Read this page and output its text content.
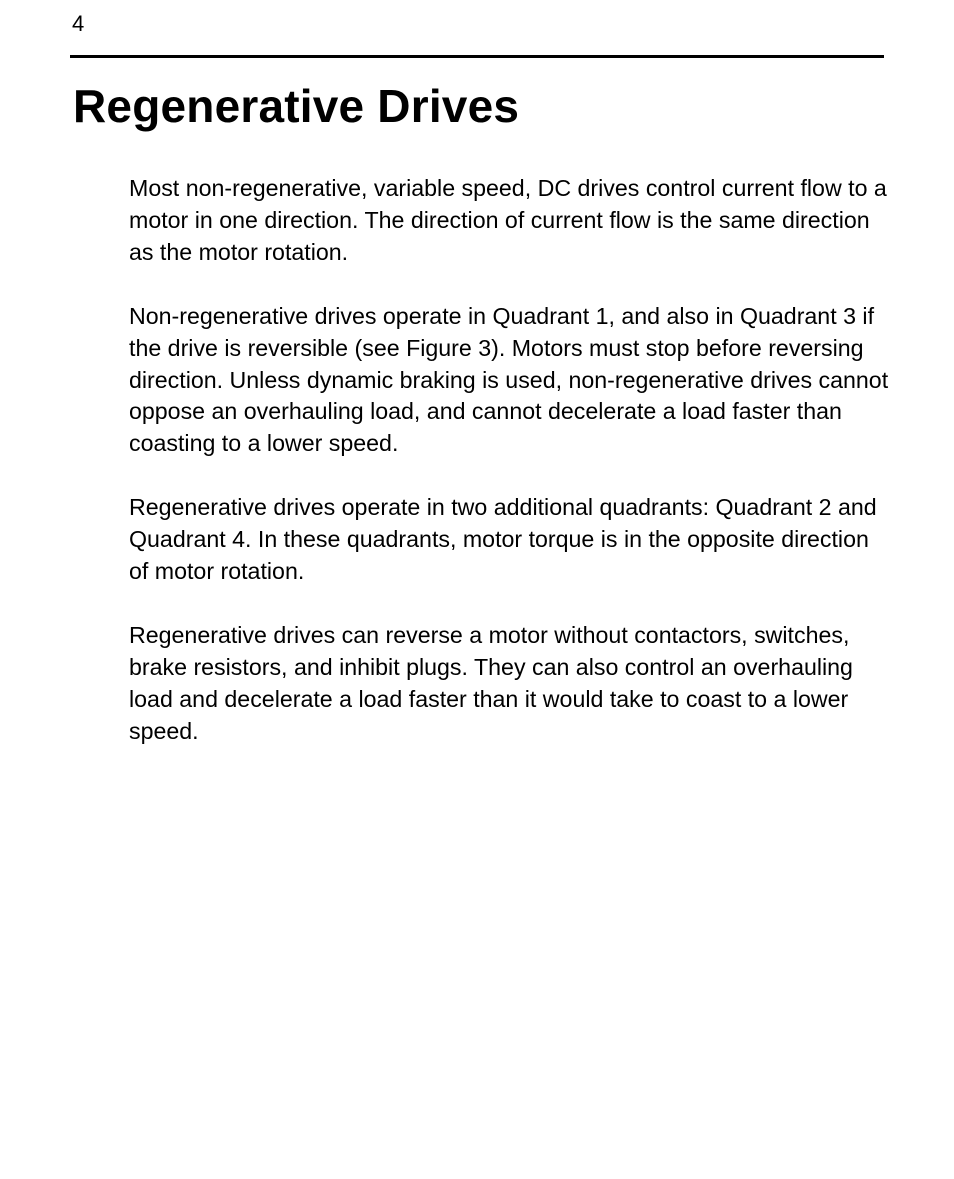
4
Regenerative Drives

Most non-regenerative, variable speed, DC drives control current flow to a motor in one direction. The direction of current flow is the same direction as the motor rotation.

Non-regenerative drives operate in Quadrant 1, and also in Quadrant 3 if the drive is reversible (see Figure 3). Motors must stop before reversing direction. Unless dynamic braking is used, non-regenerative drives cannot oppose an overhauling load, and cannot decelerate a load faster than coasting to a lower speed.

Regenerative drives operate in two additional quadrants: Quadrant 2 and Quadrant 4. In these quadrants, motor torque is in the opposite direction of motor rotation.

Regenerative drives can reverse a motor without contactors, switches, brake resistors, and inhibit plugs. They can also control an overhauling load and decelerate a load faster than it would take to coast to a lower speed.
